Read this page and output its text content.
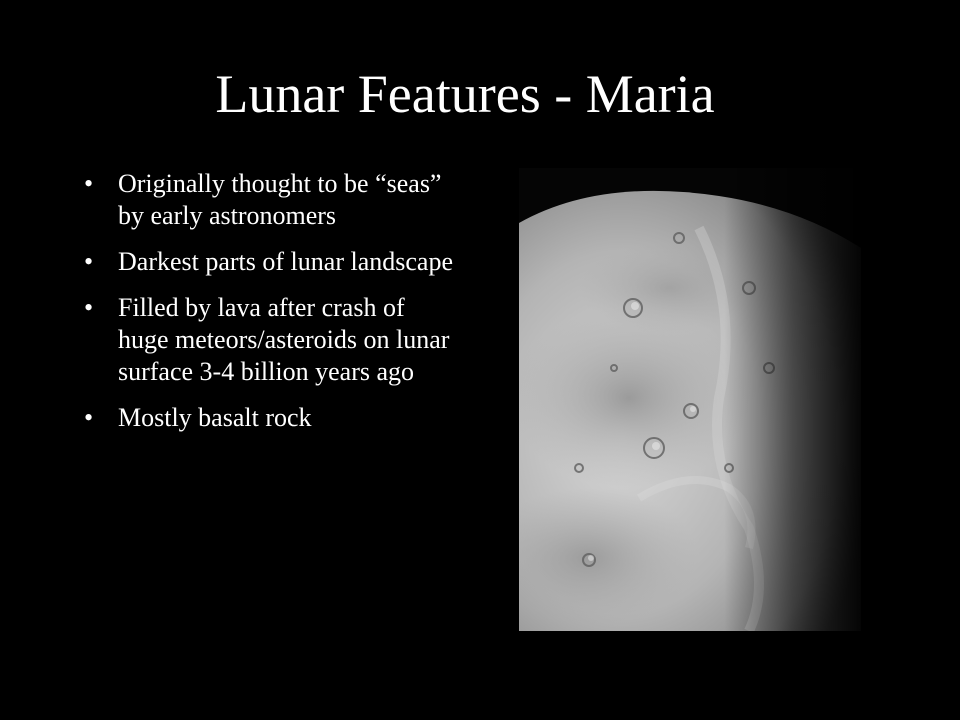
Lunar Features - Maria
• Originally thought to be “seas” by early astronomers
• Darkest parts of lunar landscape
• Filled by lava after crash of huge meteors/asteroids on lunar surface 3-4 billion years ago
• Mostly basalt rock
